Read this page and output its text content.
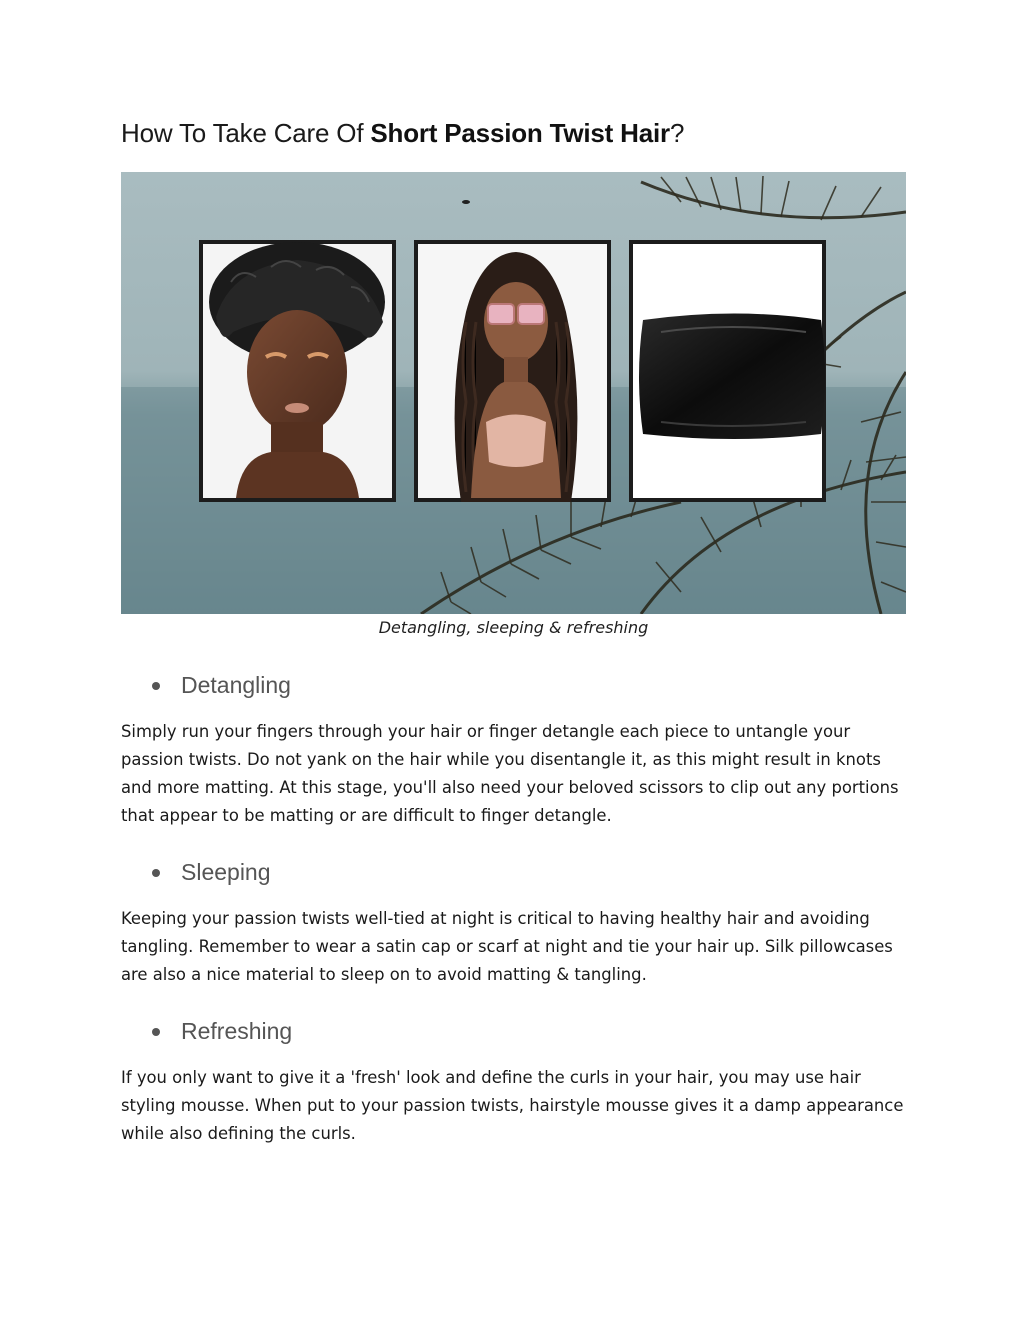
How To Take Care Of Short Passion Twist Hair?
Detangling, sleeping & refreshing
Detangling
Simply run your fingers through your hair or finger detangle each piece to untangle your passion twists. Do not yank on the hair while you disentangle it, as this might result in knots and more matting. At this stage, you'll also need your beloved scissors to clip out any portions that appear to be matting or are difficult to finger detangle.
Sleeping
Keeping your passion twists well-tied at night is critical to having healthy hair and avoiding tangling. Remember to wear a satin cap or scarf at night and tie your hair up. Silk pillowcases are also a nice material to sleep on to avoid matting & tangling.
Refreshing
If you only want to give it a 'fresh' look and define the curls in your hair, you may use hair styling mousse. When put to your passion twists, hairstyle mousse gives it a damp appearance while also defining the curls.
